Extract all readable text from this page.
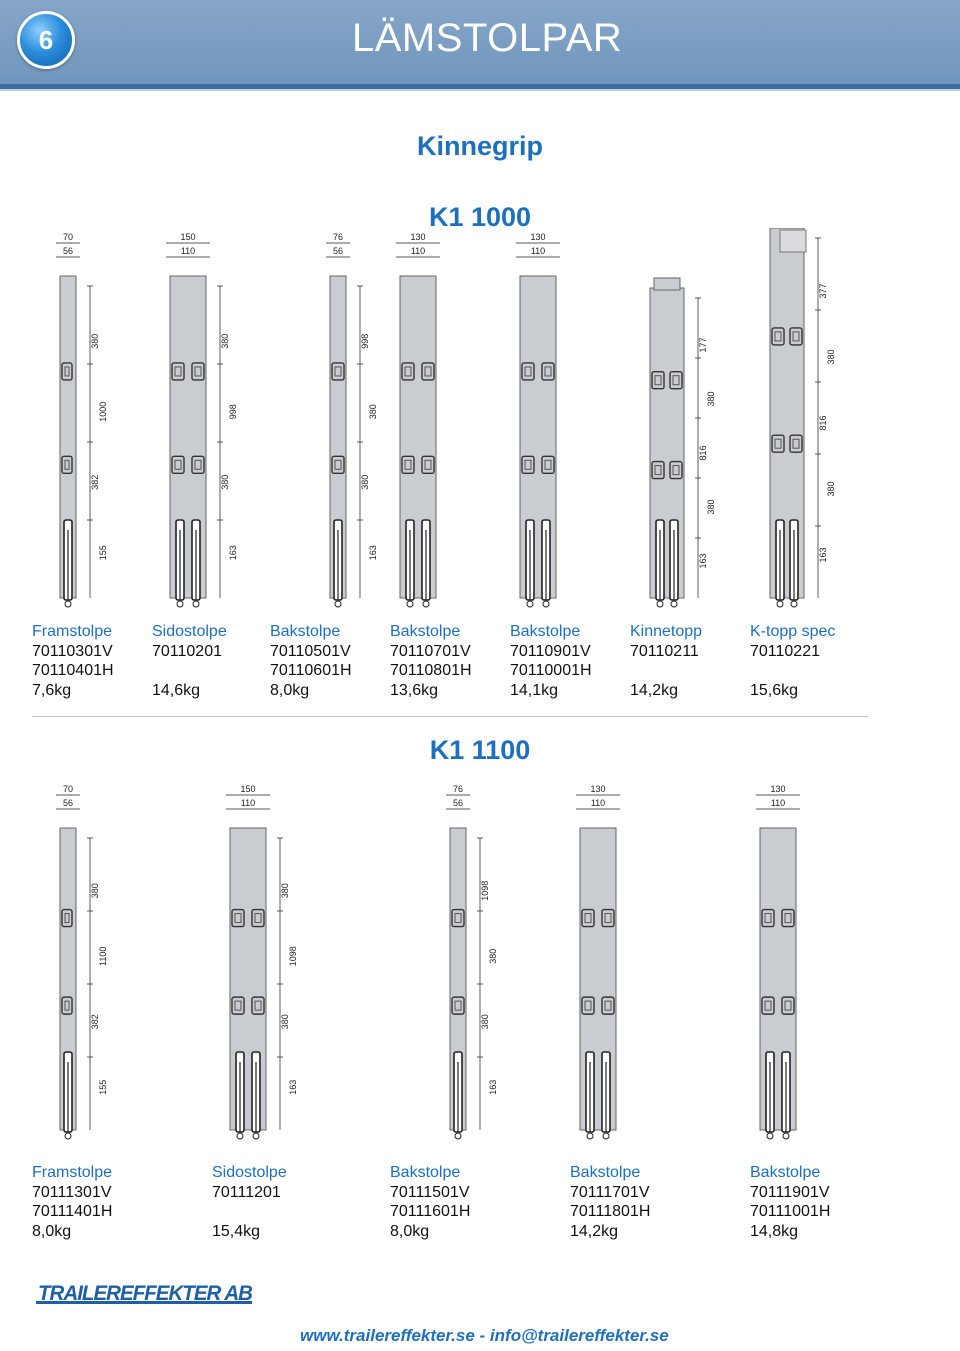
6	LÄMSTOLPAR
Kinnegrip
K1 1000
K1 1100
70
56
380
1000
382
155
150
110
380
998
380
163
76
56
998
380
380
163
130
110
130
110
177
380
816
380
163
377
380
816
380
163
70
56
380
1100
382
155
150
110
380
1098
380
163
76
56
1098
380
380
163
130
110
130
110
Framstolpe
70110301V
70110401H
7,6kg
Sidostolpe
70110201
14,6kg
Bakstolpe
70110501V
70110601H
8,0kg
Bakstolpe
70110701V
70110801H
13,6kg
Bakstolpe
70110901V
70110001H
14,1kg
Kinnetopp
70110211
14,2kg
K-topp spec
70110221
15,6kg
Framstolpe
70111301V
70111401H
8,0kg
Sidostolpe
70111201
15,4kg
Bakstolpe
70111501V
70111601H
8,0kg
Bakstolpe
70111701V
70111801H
14,2kg
Bakstolpe
70111901V
70111001H
14,8kg
TRAILEREFFEKTER AB
www.trailereffekter.se - info@trailereffekter.se
